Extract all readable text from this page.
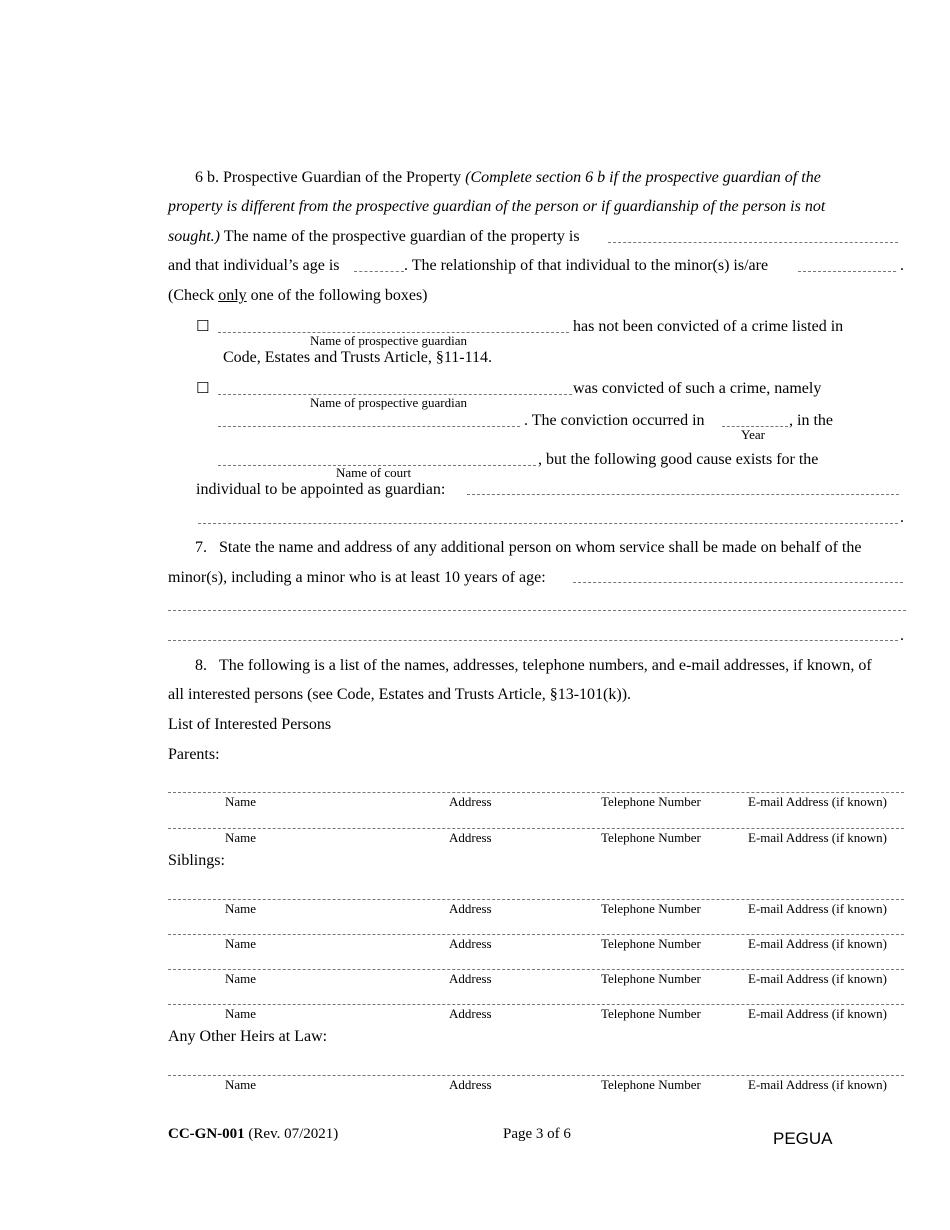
6 b. Prospective Guardian of the Property (Complete section 6 b if the prospective guardian of the
property is different from the prospective guardian of the person or if guardianship of the person is not
sought.) The name of the prospective guardian of the property is
and that individual’s age is	. The relationship of that individual to the minor(s) is/are	.
(Check only one of the following boxes)
☐
Name of prospective guardian
has not been convicted of a crime listed in
Code, Estates and Trusts Article, §11-114.
☐
Name of prospective guardian
was convicted of such a crime, namely
. The conviction occurred in
Year
, in the
Name of court
, but the following good cause exists for the
individual to be appointed as guardian:
.
7.   State the name and address of any additional person on whom service shall be made on behalf of the
minor(s), including a minor who is at least 10 years of age:
.
8.   The following is a list of the names, addresses, telephone numbers, and e-mail addresses, if known, of
all interested persons (see Code, Estates and Trusts Article, §13-101(k)).
List of Interested Persons
Parents:
Name	Address	Telephone Number	E-mail Address (if known)
Name	Address	Telephone Number	E-mail Address (if known)
Siblings:
Name	Address	Telephone Number	E-mail Address (if known)
Name	Address	Telephone Number	E-mail Address (if known)
Name	Address	Telephone Number	E-mail Address (if known)
Name	Address	Telephone Number	E-mail Address (if known)
Any Other Heirs at Law:
Name	Address	Telephone Number	E-mail Address (if known)
CC-GN-001 (Rev. 07/2021)	Page 3 of 6	PEGUA
